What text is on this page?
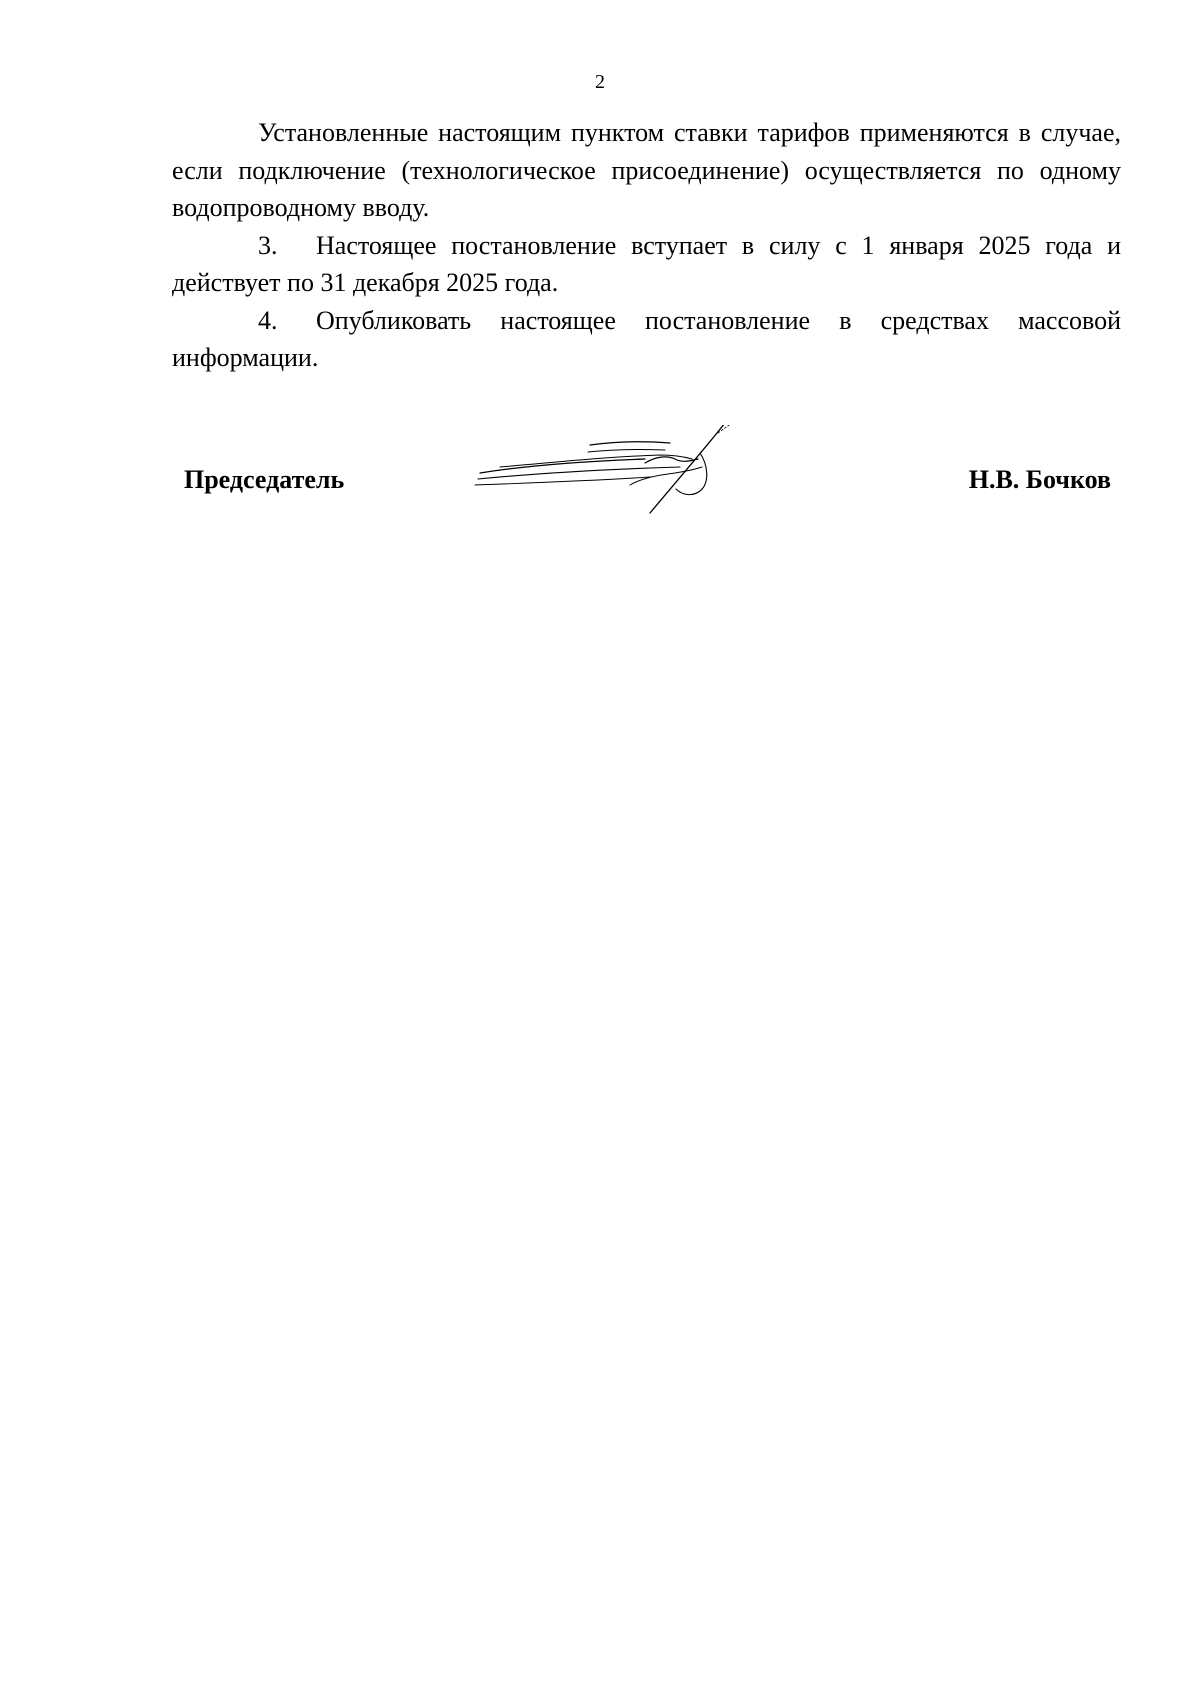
2

Установленные настоящим пунктом ставки тарифов применяются в случае, если подключение (технологическое присоединение) осуществляется по одному водопроводному вводу.

3. Настоящее постановление вступает в силу с 1 января 2025 года и действует по 31 декабря 2025 года.

4. Опубликовать настоящее постановление в средствах массовой информации.

Председатель	Н.В. Бочков
